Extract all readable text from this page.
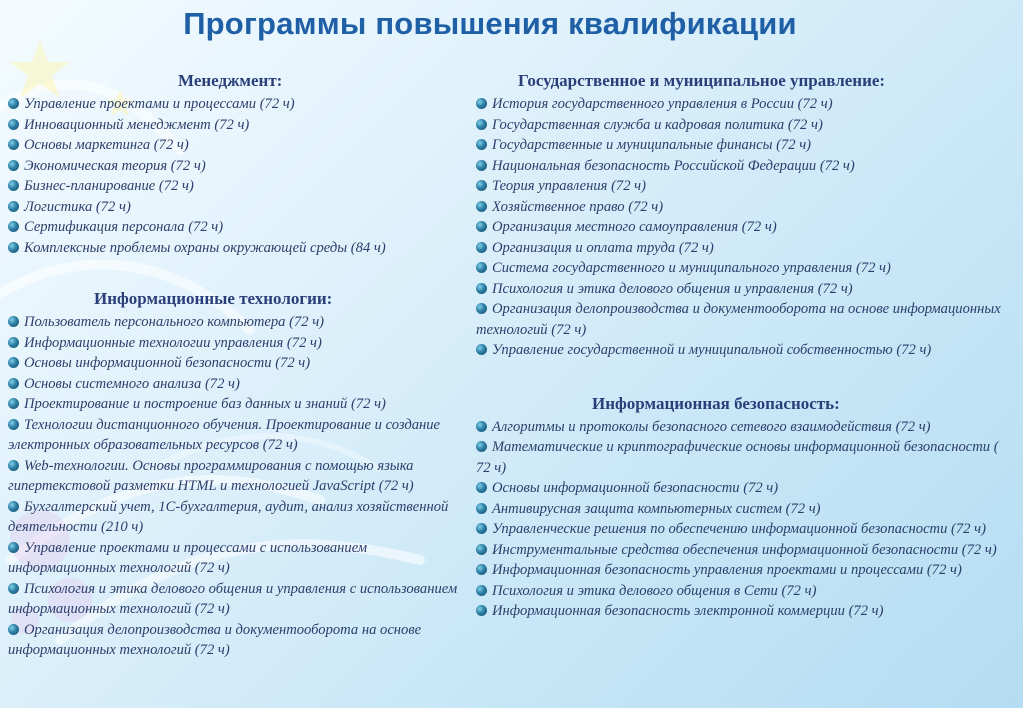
Программы повышения квалификации
Менеджмент:
Управление проектами и процессами (72 ч)
Инновационный менеджмент (72 ч)
Основы маркетинга (72 ч)
Экономическая теория (72 ч)
Бизнес-планирование (72 ч)
Логистика (72 ч)
Сертификация персонала (72 ч)
Комплексные проблемы охраны окружающей среды (84 ч)
Информационные технологии:
Пользователь персонального компьютера (72 ч)
Информационные технологии управления (72 ч)
Основы информационной безопасности (72 ч)
Основы системного анализа (72 ч)
Проектирование и построение баз данных и знаний (72 ч)
Технологии дистанционного обучения. Проектирование и создание электронных образовательных ресурсов (72 ч)
Web-технологии. Основы программирования с помощью языка гипертекстовой разметки HTML и технологией JavaScript (72 ч)
Бухгалтерский учет, 1С-бухгалтерия, аудит, анализ хозяйственной деятельности (210 ч)
Управление проектами и процессами с использованием информационных технологий (72 ч)
Психология и этика делового общения и управления с использованием информационных технологий (72 ч)
Организация делопроизводства и документооборота на основе информационных технологий (72 ч)
Государственное и муниципальное управление:
История государственного управления в России (72 ч)
Государственная служба и кадровая политика (72 ч)
Государственные и муниципальные финансы (72 ч)
Национальная безопасность Российской Федерации (72 ч)
Теория управления (72 ч)
Хозяйственное право (72 ч)
Организация местного самоуправления (72 ч)
Организация и оплата труда (72 ч)
Система государственного и муниципального управления (72 ч)
Психология и этика делового общения и управления (72 ч)
Организация делопроизводства и документооборота на основе информационных технологий (72 ч)
Управление государственной и муниципальной собственностью (72 ч)
Информационная безопасность:
Алгоритмы и протоколы безопасного сетевого взаимодействия (72 ч)
Математические и криптографические основы информационной безопасности ( 72 ч)
Основы информационной безопасности (72 ч)
Антивирусная защита компьютерных систем (72 ч)
Управленческие решения по обеспечению информационной безопасности (72 ч)
Инструментальные средства обеспечения информационной безопасности (72 ч)
Информационная безопасность управления проектами и процессами (72 ч)
Психология и этика делового общения в Сети (72 ч)
Информационная безопасность электронной коммерции (72 ч)
